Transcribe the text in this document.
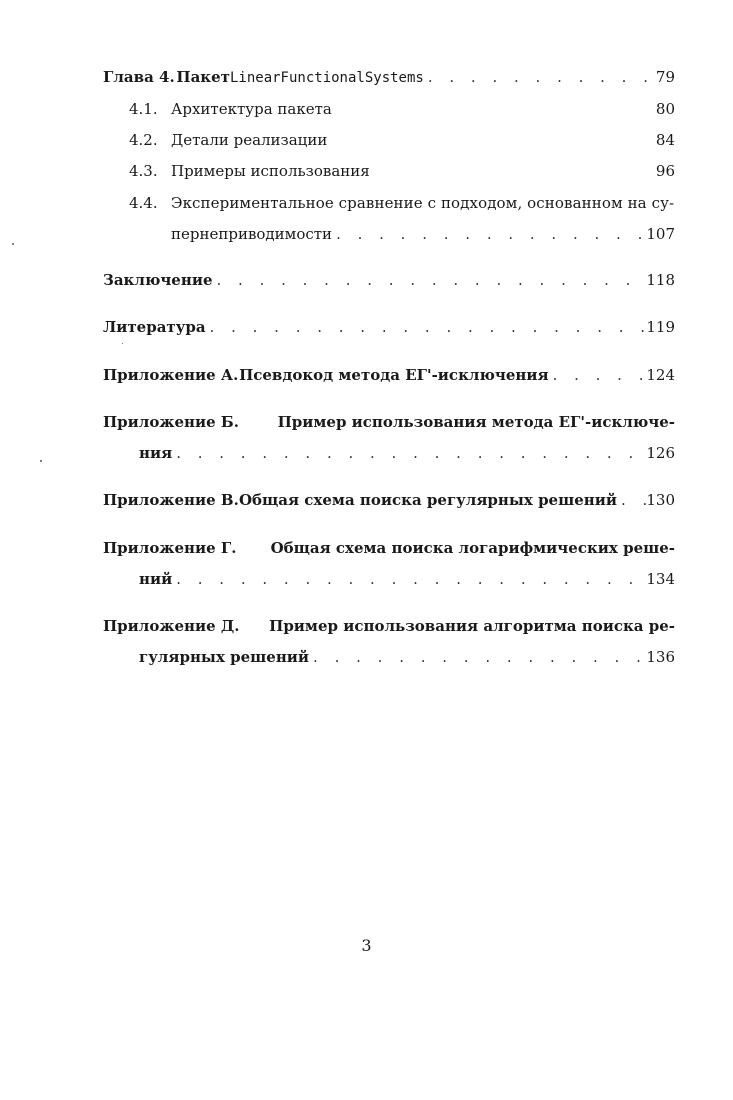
Глава 4. Пакет LinearFunctionalSystems . . .	79
4.1. Архитектура пакета	80
4.2. Детали реализации	84
4.3. Примеры использования	96
4.4. Экспериментальное сравнение с подходом, основанном на су-
пернеприводимости . . .	107
Заключение . . .	118
Литература . . .	119
Приложение А. Псевдокод метода ЕГ'-исключения . . .	124
Приложение Б.	Пример использования метода ЕГ'-исключе-
ния . . .	126
Приложение В. Общая схема поиска регулярных решений . . . 130
Приложение Г. Общая схема поиска логарифмических реше-
ний . . .	134
Приложение Д. Пример использования алгоритма поиска ре-
гулярных решений . . .	136
3
